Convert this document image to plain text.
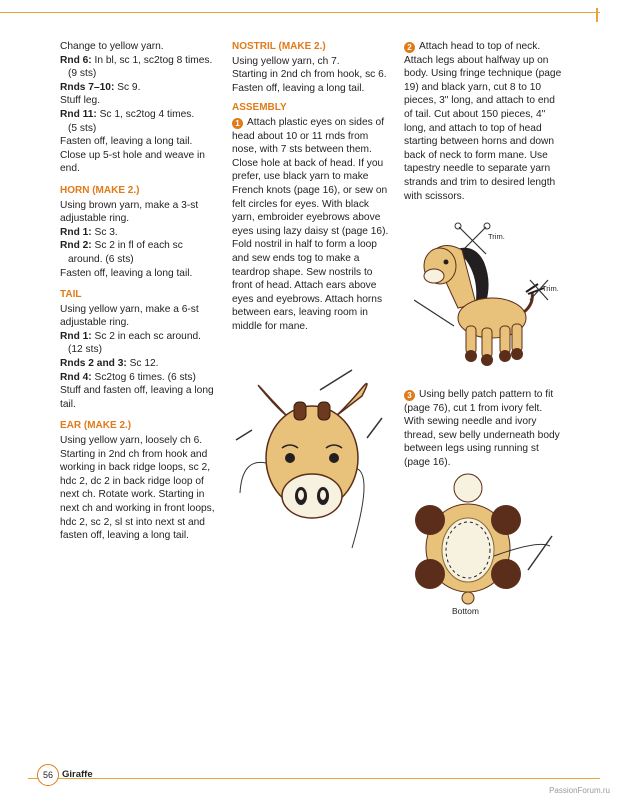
Change to yellow yarn.

Rnd 6: In bl, sc 1, sc2tog 8 times.

(9 sts)

Rnds 7–10: Sc 9.

Stuff leg.

Rnd 11: Sc 1, sc2tog 4 times.

(5 sts)

Fasten off, leaving a long tail. Close up 5-st hole and weave in end.

HORN (MAKE 2.)

Using brown yarn, make a 3-st adjustable ring.

Rnd 1: Sc 3.

Rnd 2: Sc 2 in fl of each sc

around. (6 sts)

Fasten off, leaving a long tail.

TAIL

Using yellow yarn, make a 6-st adjustable ring.

Rnd 1: Sc 2 in each sc around.

(12 sts)

Rnds 2 and 3: Sc 12.

Rnd 4: Sc2tog 6 times. (6 sts)

Stuff and fasten off, leaving a long tail.

EAR (MAKE 2.)

Using yellow yarn, loosely ch 6. Starting in 2nd ch from hook and working in back ridge loops, sc 2, hdc 2, dc 2 in back ridge loop of next ch. Rotate work. Starting in next ch and working in front loops, hdc 2, sc 2, sl st into next st and fasten off, leaving a long tail.

NOSTRIL (MAKE 2.)

Using yellow yarn, ch 7.

Starting in 2nd ch from hook, sc 6.

Fasten off, leaving a long tail.

ASSEMBLY

1 Attach plastic eyes on sides of head about 10 or 11 rnds from nose, with 7 sts between them. Close hole at back of head. If you prefer, use black yarn to make French knots (page 16), or sew on felt circles for eyes. With black yarn, embroider eyebrows above eyes using lazy daisy st (page 16). Fold nostril in half to form a loop and sew ends tog to make a teardrop shape. Sew nostrils to front of head. Attach ears above eyes and eyebrows. Attach horns between ears, leaving room in middle for mane.

2 Attach head to top of neck. Attach legs about halfway up on body. Using fringe technique (page 19) and black yarn, cut 8 to 10 pieces, 3" long, and attach to end of tail. Cut about 150 pieces, 4" long, and attach to top of head starting between horns and down back of neck to form mane. Use tapestry needle to separate yarn strands and trim to desired length with scissors.

3 Using belly patch pattern to fit (page 76), cut 1 from ivory felt. With sewing needle and ivory thread, sew belly underneath body between legs using running st (page 16).

Trim.
Trim.
Bottom
56 Giraffe
PassionForum.ru
